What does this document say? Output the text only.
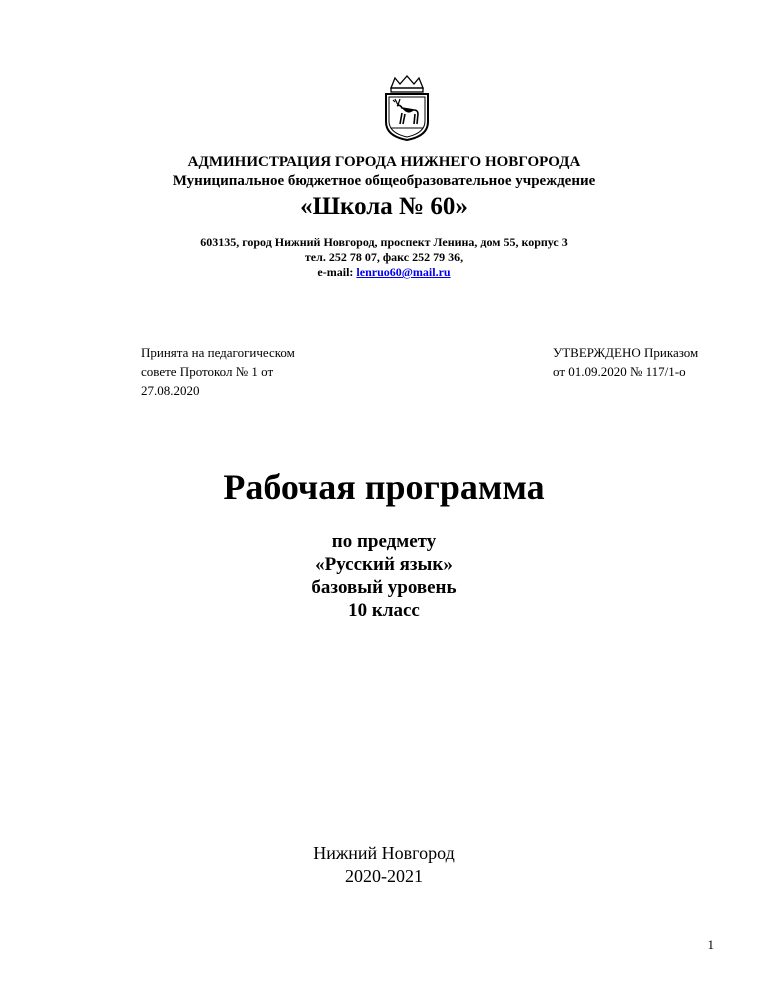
АДМИНИСТРАЦИЯ ГОРОДА НИЖНЕГО НОВГОРОДА
Муниципальное бюджетное общеобразовательное учреждение
«Школа № 60»
603135, город Нижний Новгород, проспект Ленина, дом 55, корпус 3
тел. 252 78 07, факс 252 79 36,
e-mail: lenruo60@mail.ru
Принята на педагогическом
совете Протокол № 1 от
27.08.2020
УТВЕРЖДЕНО Приказом
от 01.09.2020 № 117/1-о
Рабочая программа
по предмету
«Русский язык»
базовый уровень
10 класс
Нижний Новгород
2020-2021
1
